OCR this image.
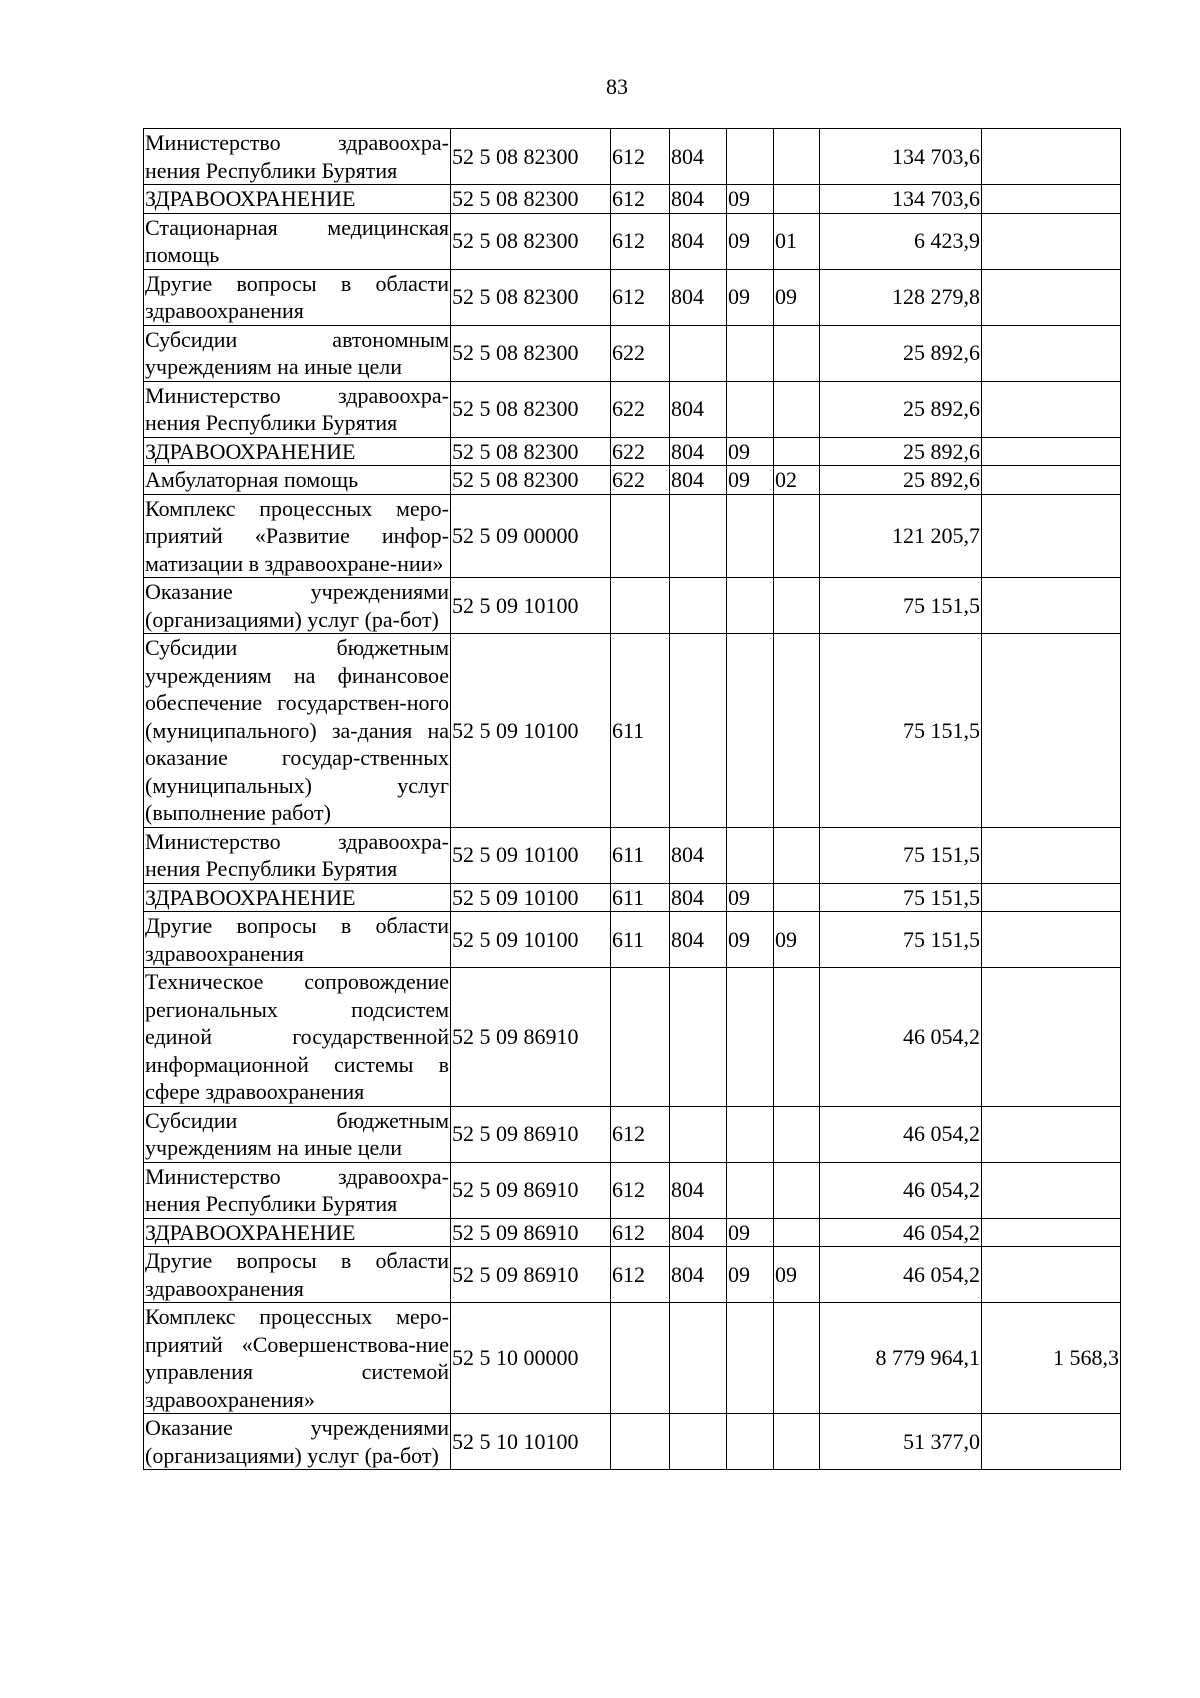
83
Министерство здравоохра-нения Республики Бурятия	52 5 08 82300	612	804			134 703,6	
ЗДРАВООХРАНЕНИЕ	52 5 08 82300	612	804	09		134 703,6	
Стационарная медицинская помощь	52 5 08 82300	612	804	09	01	6 423,9	
Другие вопросы в области здравоохранения	52 5 08 82300	612	804	09	09	128 279,8	
Субсидии автономным учреждениям на иные цели	52 5 08 82300	622				25 892,6	
Министерство здравоохра-нения Республики Бурятия	52 5 08 82300	622	804			25 892,6	
ЗДРАВООХРАНЕНИЕ	52 5 08 82300	622	804	09		25 892,6	
Амбулаторная помощь	52 5 08 82300	622	804	09	02	25 892,6	
Комплекс процессных меро-приятий «Развитие инфор-матизации в здравоохране-нии»	52 5 09 00000					121 205,7	
Оказание учреждениями (организациями) услуг (ра-бот)	52 5 09 10100					75 151,5	
Субсидии бюджетным учреждениям на финансовое обеспечение государствен-ного (муниципального) за-дания на оказание государ-ственных (муниципальных) услуг (выполнение работ)	52 5 09 10100	611				75 151,5	
Министерство здравоохра-нения Республики Бурятия	52 5 09 10100	611	804			75 151,5	
ЗДРАВООХРАНЕНИЕ	52 5 09 10100	611	804	09		75 151,5	
Другие вопросы в области здравоохранения	52 5 09 10100	611	804	09	09	75 151,5	
Техническое сопровождение региональных подсистем единой государственной информационной системы в сфере здравоохранения	52 5 09 86910					46 054,2	
Субсидии бюджетным учреждениям на иные цели	52 5 09 86910	612				46 054,2	
Министерство здравоохра-нения Республики Бурятия	52 5 09 86910	612	804			46 054,2	
ЗДРАВООХРАНЕНИЕ	52 5 09 86910	612	804	09		46 054,2	
Другие вопросы в области здравоохранения	52 5 09 86910	612	804	09	09	46 054,2	
Комплекс процессных меро-приятий «Совершенствова-ние управления системой здравоохранения»	52 5 10 00000					8 779 964,1	1 568,3
Оказание учреждениями (организациями) услуг (ра-бот)	52 5 10 10100					51 377,0	
